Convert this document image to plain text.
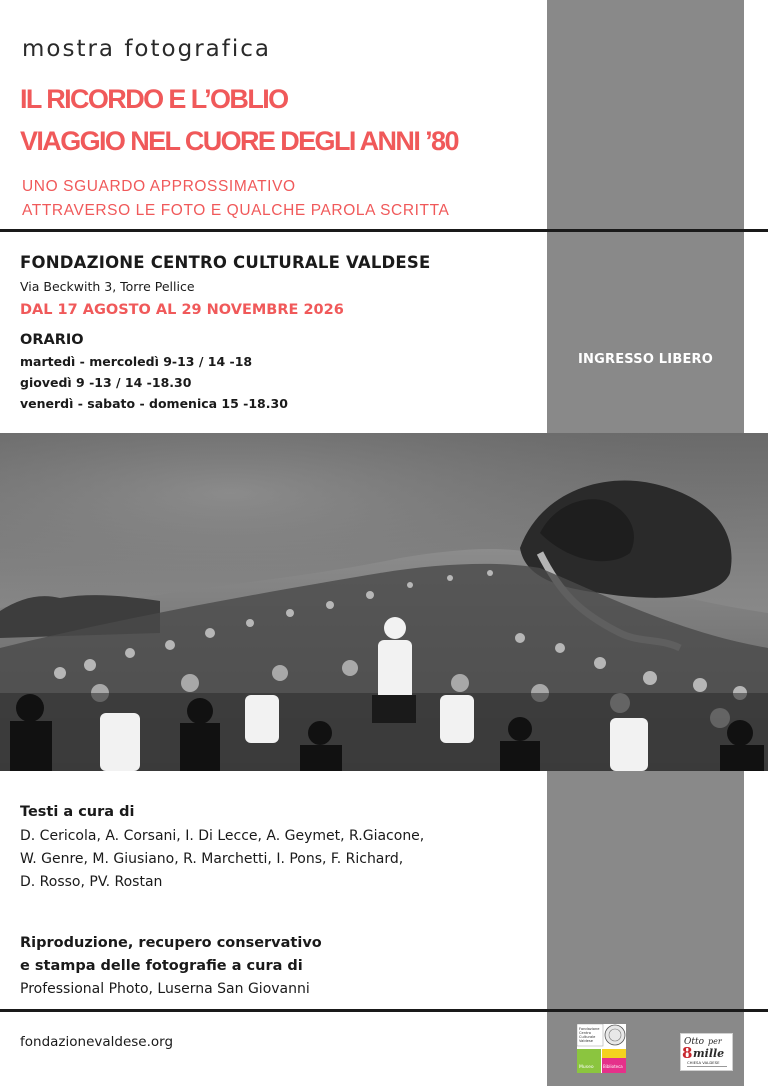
mostra fotografica
IL RICORDO E L’OBLIO
VIAGGIO NEL CUORE DEGLI ANNI ’80
UNO SGUARDO APPROSSIMATIVO
ATTRAVERSO LE FOTO E QUALCHE PAROLA SCRITTA
FONDAZIONE CENTRO CULTURALE VALDESE
Via Beckwith 3, Torre Pellice
DAL 17 AGOSTO AL 29 NOVEMBRE 2026
ORARIO
martedì - mercoledì 9-13 / 14 -18
giovedì 9 -13 / 14 -18.30
venerdì - sabato - domenica 15 -18.30
INGRESSO LIBERO
Testi a cura di
D. Cericola, A. Corsani, I. Di Lecce, A. Geymet, R.Giacone,
W. Genre, M. Giusiano, R. Marchetti, I. Pons, F. Richard,
D. Rosso, PV. Rostan
Riproduzione, recupero conservativo
e stampa delle fotografie a cura di
Professional Photo, Luserna San Giovanni
fondazionevaldese.org
Fondazione
Centro
Culturale
Valdese
Museo Biblioteca
Otto per
8 mille
CHIESA VALDESE
